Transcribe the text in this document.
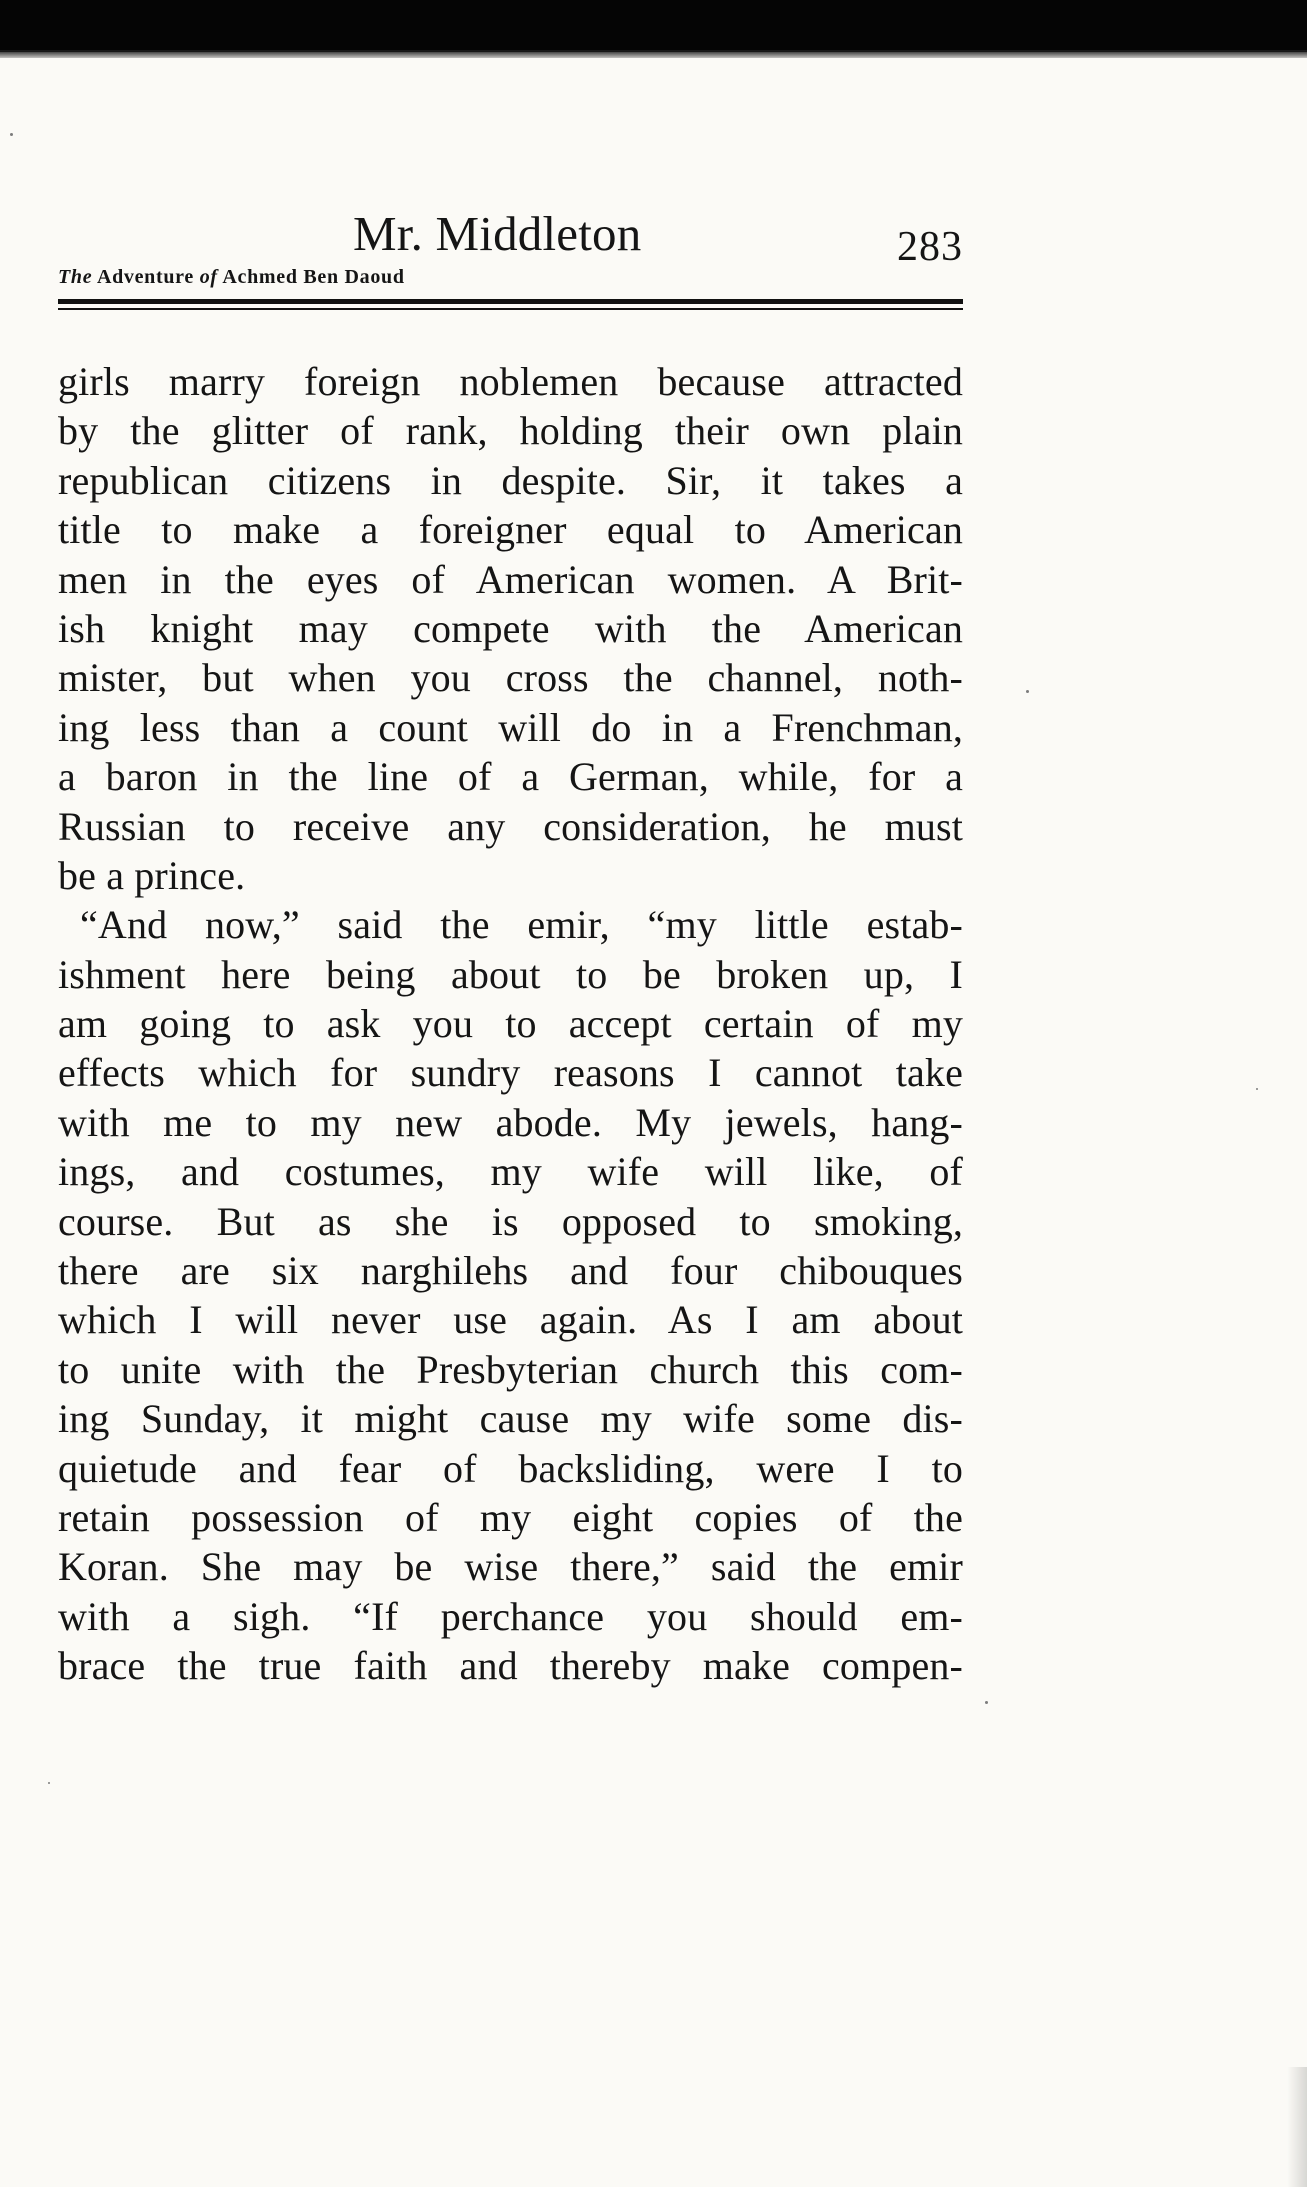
Mr. Middleton	283
The Adventure of Achmed Ben Daoud
girls marry foreign noblemen because attracted
by the glitter of rank, holding their own plain
republican citizens in despite. Sir, it takes a
title to make a foreigner equal to American
men in the eyes of American women. A Brit-
ish knight may compete with the American
mister, but when you cross the channel, noth-
ing less than a count will do in a Frenchman,
a baron in the line of a German, while, for a
Russian to receive any consideration, he must
be a prince.
“And now,” said the emir, “my little estab-
ishment here being about to be broken up, I
am going to ask you to accept certain of my
effects which for sundry reasons I cannot take
with me to my new abode. My jewels, hang-
ings, and costumes, my wife will like, of
course. But as she is opposed to smoking,
there are six narghilehs and four chibouques
which I will never use again. As I am about
to unite with the Presbyterian church this com-
ing Sunday, it might cause my wife some dis-
quietude and fear of backsliding, were I to
retain possession of my eight copies of the
Koran. She may be wise there,” said the emir
with a sigh. “If perchance you should em-
brace the true faith and thereby make compen-
